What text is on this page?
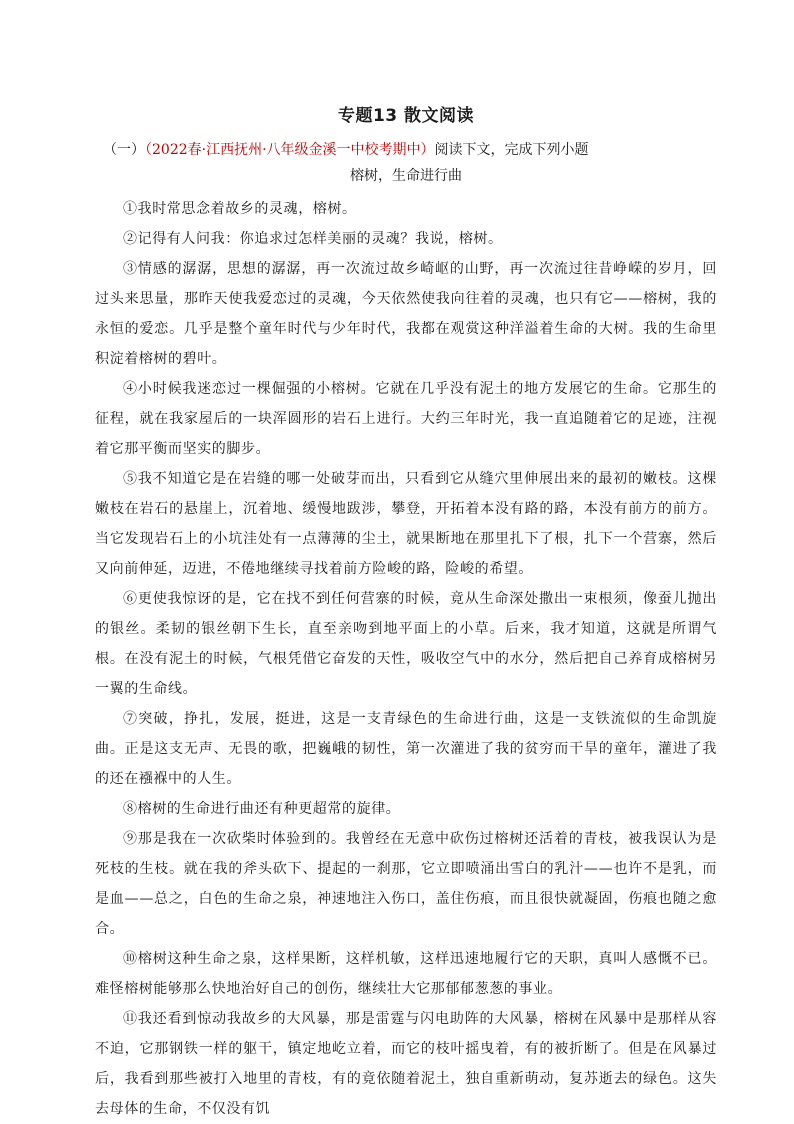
专题13 散文阅读
（一）（2022春·江西抚州·八年级金溪一中校考期中）阅读下文，完成下列小题
榕树，生命进行曲

①我时常思念着故乡的灵魂，榕树。

②记得有人问我：你追求过怎样美丽的灵魂？我说，榕树。

③情感的潺潺，思想的潺潺，再一次流过故乡崎岖的山野，再一次流过往昔峥嵘的岁月，回过头来思量，那昨天使我爱恋过的灵魂，今天依然使我向往着的灵魂，也只有它——榕树，我的永恒的爱恋。几乎是整个童年时代与少年时代，我都在观赏这种洋溢着生命的大树。我的生命里积淀着榕树的碧叶。

④小时候我迷恋过一棵倔强的小榕树。它就在几乎没有泥土的地方发展它的生命。它那生的征程，就在我家屋后的一块浑圆形的岩石上进行。大约三年时光，我一直追随着它的足迹，注视着它那平衡而坚实的脚步。

⑤我不知道它是在岩缝的哪一处破芽而出，只看到它从缝穴里伸展出来的最初的嫩枝。这棵嫩枝在岩石的悬崖上，沉着地、缓慢地跋涉，攀登，开拓着本没有路的路，本没有前方的前方。当它发现岩石上的小坑洼处有一点薄薄的尘土，就果断地在那里扎下了根，扎下一个营寨，然后又向前伸延，迈进，不倦地继续寻找着前方险峻的路，险峻的希望。

⑥更使我惊讶的是，它在找不到任何营寨的时候，竟从生命深处撒出一束根须，像蚕儿抛出的银丝。柔韧的银丝朝下生长，直至亲吻到地平面上的小草。后来，我才知道，这就是所谓气根。在没有泥土的时候，气根凭借它奋发的天性，吸收空气中的水分，然后把自己养育成榕树另一翼的生命线。

⑦突破，挣扎，发展，挺进，这是一支青绿色的生命进行曲，这是一支铁流似的生命凯旋曲。正是这支无声、无畏的歌，把巍峨的韧性，第一次灌进了我的贫穷而干旱的童年，灌进了我的还在襁褓中的人生。

⑧榕树的生命进行曲还有种更超常的旋律。

⑨那是我在一次砍柴时体验到的。我曾经在无意中砍伤过榕树还活着的青枝，被我误认为是死枝的生枝。就在我的斧头砍下、提起的一刹那，它立即喷涌出雪白的乳汁——也许不是乳，而是血——总之，白色的生命之泉，神速地注入伤口，盖住伤痕，而且很快就凝固，伤痕也随之愈合。

⑩榕树这种生命之泉，这样果断，这样机敏，这样迅速地履行它的天职，真叫人感慨不已。难怪榕树能够那么快地治好自己的创伤，继续壮大它那郁郁葱葱的事业。

⑪我还看到惊动我故乡的大风暴，那是雷霆与闪电助阵的大风暴，榕树在风暴中是那样从容不迫，它那钢铁一样的躯干，镇定地屹立着，而它的枝叶摇曳着，有的被折断了。但是在风暴过后，我看到那些被打入地里的青枝，有的竟依随着泥土，独自重新萌动，复苏逝去的绿色。这失去母体的生命，不仅没有饥
